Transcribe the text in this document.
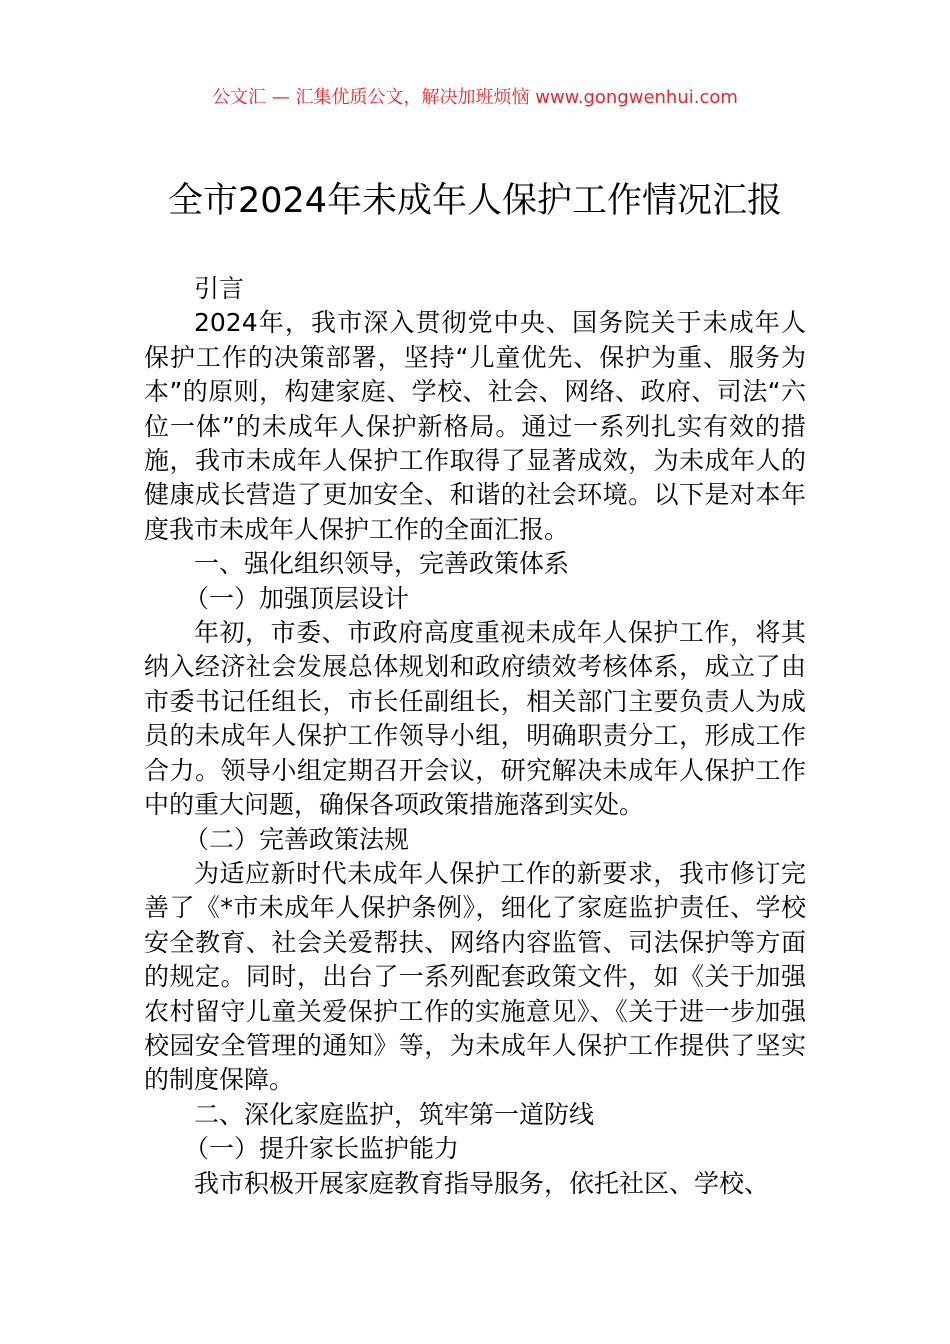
公文汇 — 汇集优质公文，解决加班烦恼 www.gongwenhui.com
全市2024年未成年人保护工作情况汇报

引言

2024年，我市深入贯彻党中央、国务院关于未成年人保护工作的决策部署，坚持“儿童优先、保护为重、服务为本”的原则，构建家庭、学校、社会、网络、政府、司法“六位一体”的未成年人保护新格局。通过一系列扎实有效的措施，我市未成年人保护工作取得了显著成效，为未成年人的健康成长营造了更加安全、和谐的社会环境。以下是对本年度我市未成年人保护工作的全面汇报。

一、强化组织领导，完善政策体系

（一）加强顶层设计

年初，市委、市政府高度重视未成年人保护工作，将其纳入经济社会发展总体规划和政府绩效考核体系，成立了由市委书记任组长，市长任副组长，相关部门主要负责人为成员的未成年人保护工作领导小组，明确职责分工，形成工作合力。领导小组定期召开会议，研究解决未成年人保护工作中的重大问题，确保各项政策措施落到实处。

（二）完善政策法规

为适应新时代未成年人保护工作的新要求，我市修订完善了《*市未成年人保护条例》，细化了家庭监护责任、学校安全教育、社会关爱帮扶、网络内容监管、司法保护等方面的规定。同时，出台了一系列配套政策文件，如《关于加强农村留守儿童关爱保护工作的实施意见》、《关于进一步加强校园安全管理的通知》等，为未成年人保护工作提供了坚实的制度保障。

二、深化家庭监护，筑牢第一道防线

（一）提升家长监护能力

我市积极开展家庭教育指导服务，依托社区、学校、
